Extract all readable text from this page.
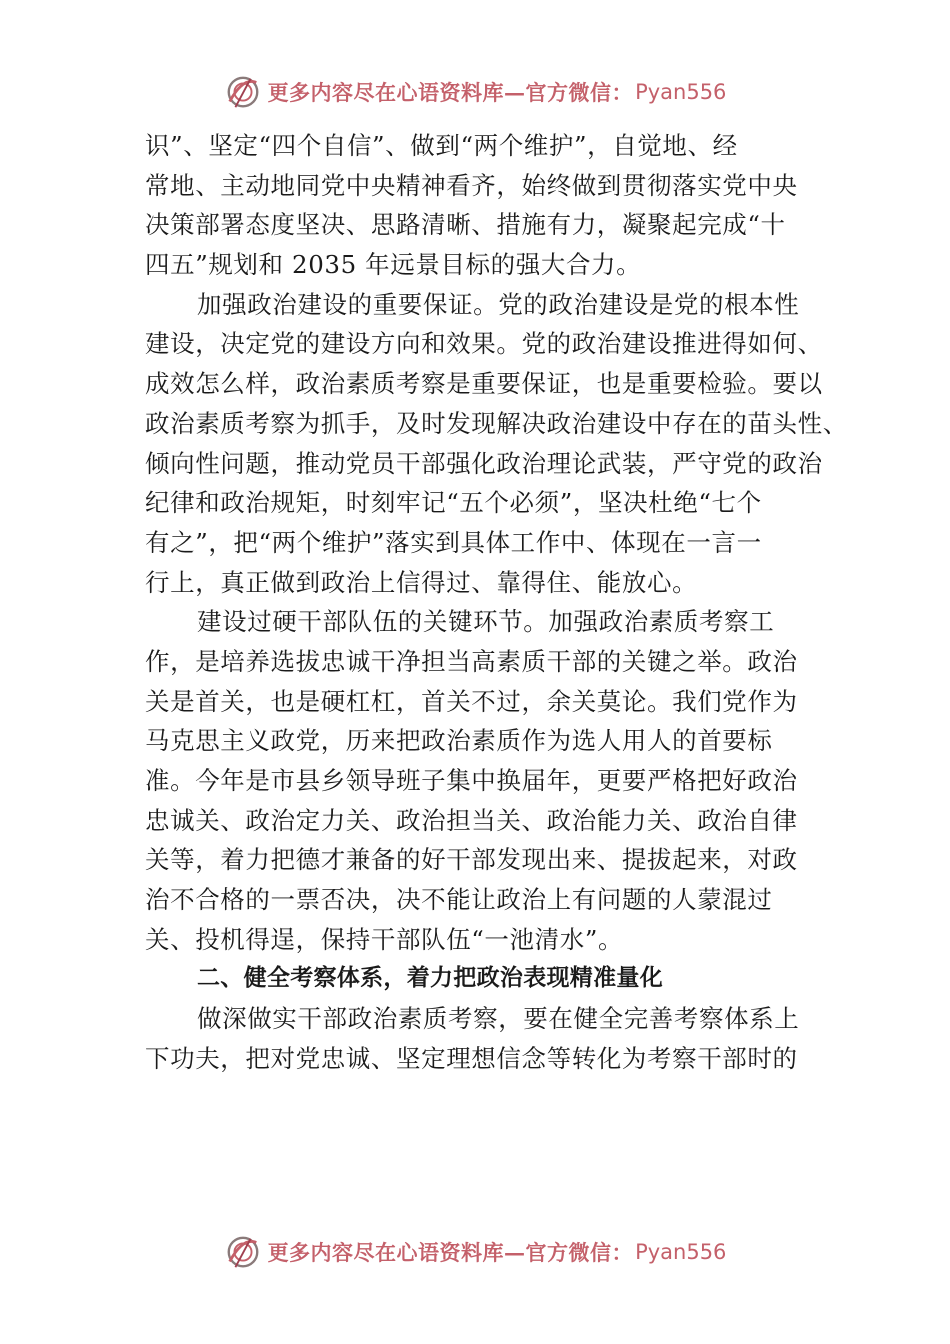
更多内容尽在心语资料库—官方微信： Pyan556
识”、坚定“四个自信”、做到“两个维护”，自觉地、经
常地、主动地同党中央精神看齐，始终做到贯彻落实党中央
决策部署态度坚决、思路清晰、措施有力，凝聚起完成“十
四五”规划和 2035 年远景目标的强大合力。
加强政治建设的重要保证。党的政治建设是党的根本性
建设，决定党的建设方向和效果。党的政治建设推进得如何、
成效怎么样，政治素质考察是重要保证，也是重要检验。要以
政治素质考察为抓手，及时发现解决政治建设中存在的苗头性、
倾向性问题，推动党员干部强化政治理论武装，严守党的政治
纪律和政治规矩，时刻牢记“五个必须”，坚决杜绝“七个
有之”，把“两个维护”落实到具体工作中、体现在一言一
行上，真正做到政治上信得过、靠得住、能放心。
建设过硬干部队伍的关键环节。加强政治素质考察工
作，是培养选拔忠诚干净担当高素质干部的关键之举。政治
关是首关，也是硬杠杠，首关不过，余关莫论。我们党作为
马克思主义政党，历来把政治素质作为选人用人的首要标
准。今年是市县乡领导班子集中换届年，更要严格把好政治
忠诚关、政治定力关、政治担当关、政治能力关、政治自律
关等，着力把德才兼备的好干部发现出来、提拔起来，对政
治不合格的一票否决，决不能让政治上有问题的人蒙混过
关、投机得逞，保持干部队伍“一池清水”。
二、健全考察体系，着力把政治表现精准量化
做深做实干部政治素质考察，要在健全完善考察体系上
下功夫，把对党忠诚、坚定理想信念等转化为考察干部时的
更多内容尽在心语资料库—官方微信： Pyan556
